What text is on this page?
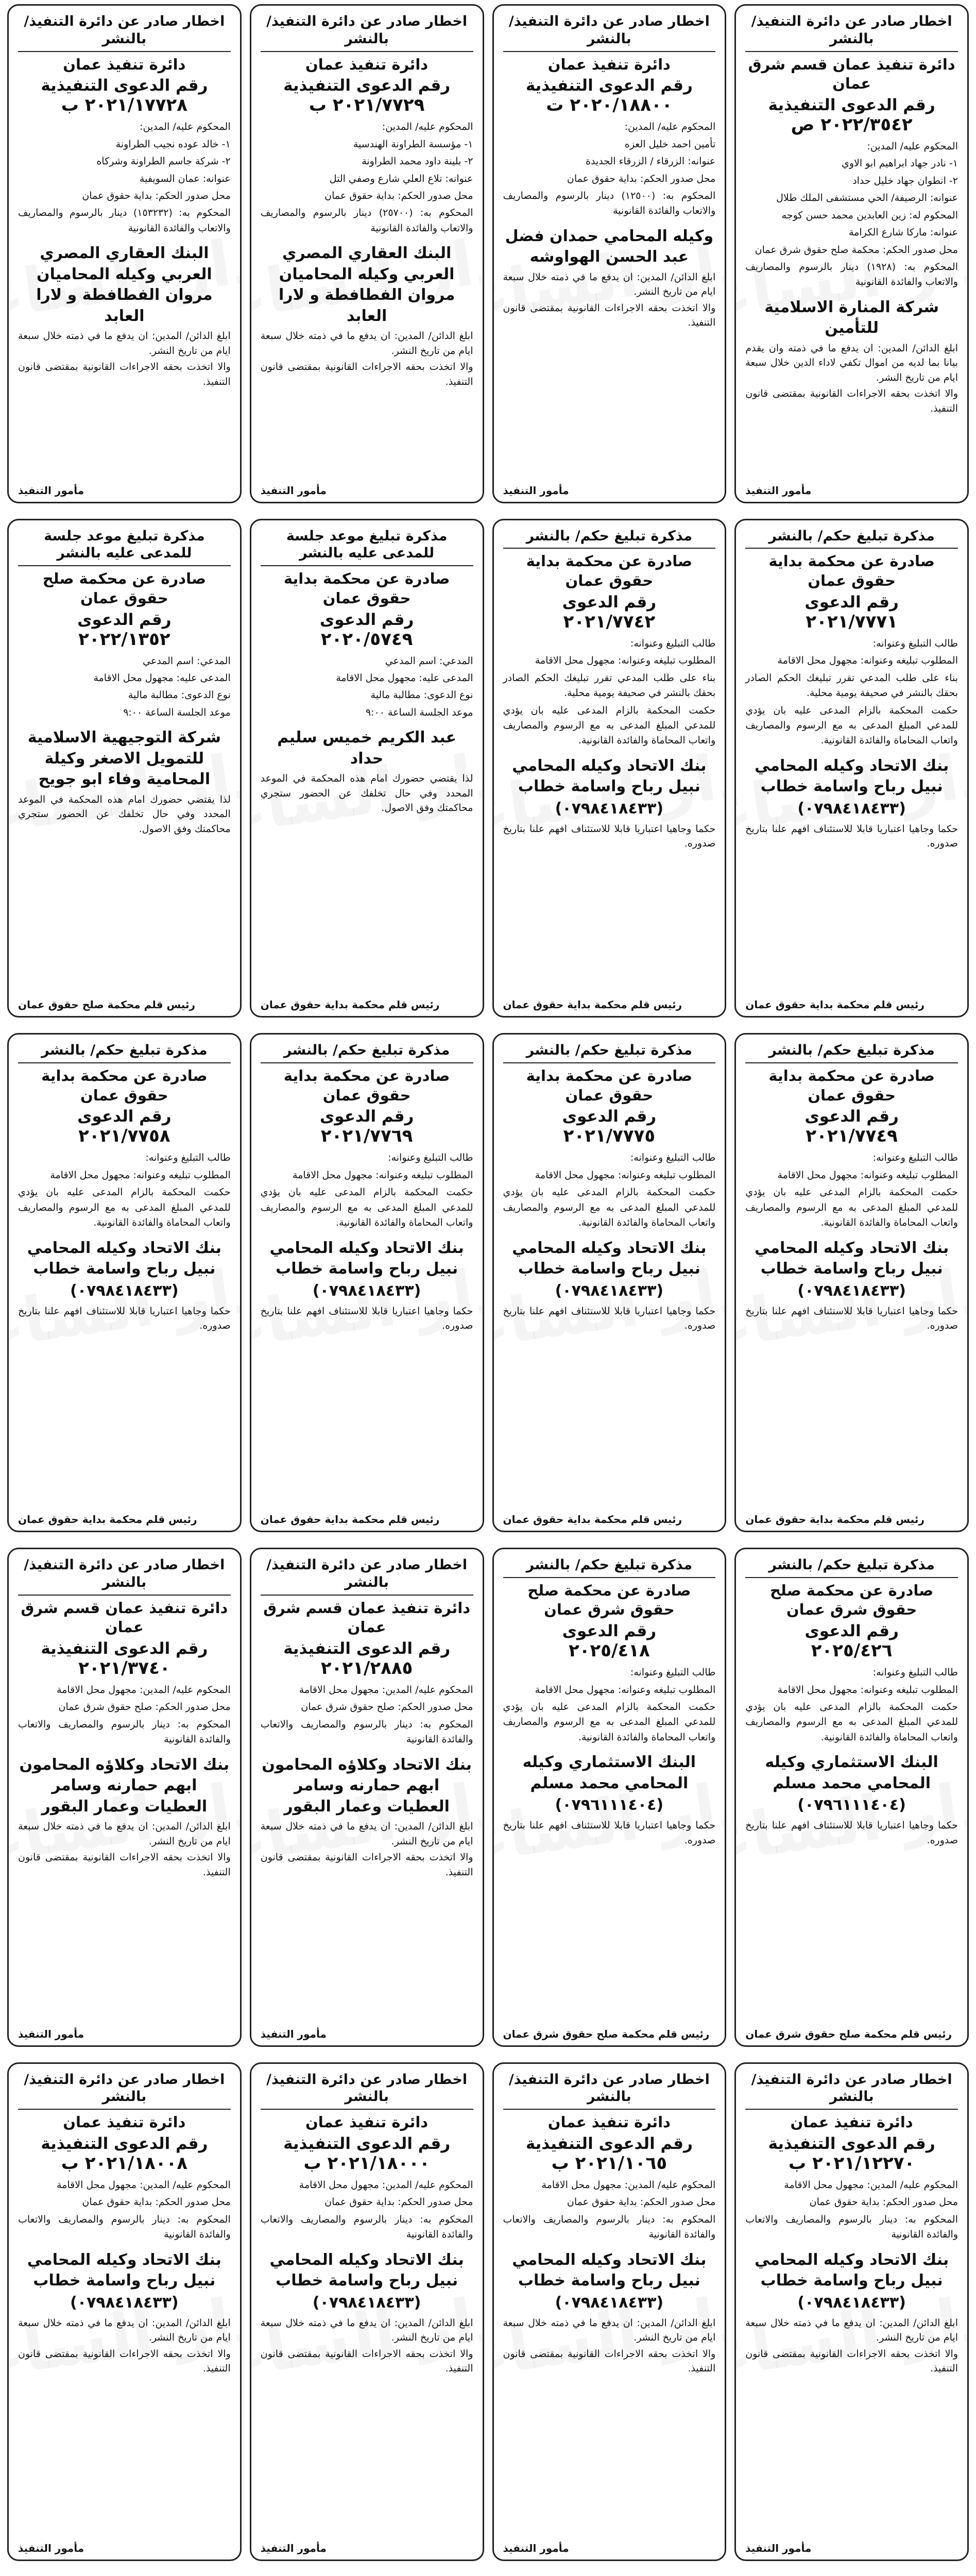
اخطار صادر عن دائرة التنفيذ/ بالنشر
دائرة تنفيذ عمان قسم شرق عمان
رقم الدعوى التنفيذية
٢٠٢٢/٣٥٤٢ ص

المحكوم عليه/ المدين:

١- نادر جهاد ابراهيم ابو الاوي

٢- انطوان جهاد خليل حداد

عنوانه: الرصيفة/ الحي مستشفى الملك طلال

المحكوم له: زين العابدين محمد حسن كوجه

عنوانه: ماركا شارع الكرامة

محل صدور الحكم: محكمة صلح حقوق شرق عمان

المحكوم به: (١٩٢٨) دينار بالرسوم والمصاريف والاتعاب والفائدة القانونية

شركة المنارة الاسلامية للتأمين

ابلغ الدائن/ المدين: ان يدفع ما في ذمته وان يقدم بيانا بما لديه من اموال تكفي لاداء الدين خلال سبعة ايام من تاريخ النشر.

والا اتخذت بحقه الاجراءات القانونية بمقتضى قانون التنفيذ.

مأمور التنفيذ
اخطار صادر عن دائرة التنفيذ/ بالنشر
دائرة تنفيذ عمان
رقم الدعوى التنفيذية
٢٠٢٠/١٨٨٠٠ ت

المحكوم عليه/ المدين:

تأمين احمد خليل العزه

عنوانه: الزرقاء / الزرقاء الجديدة

محل صدور الحكم: بداية حقوق عمان

المحكوم به: (١٢٥٠٠) دينار بالرسوم والمصاريف والاتعاب والفائدة القانونية

وكيله المحامي حمدان فضل عبد الحسن الهواوشه

ابلغ الدائن/ المدين: ان يدفع ما في ذمته خلال سبعة ايام من تاريخ النشر.

والا اتخذت بحقه الاجراءات القانونية بمقتضى قانون التنفيذ.

مأمور التنفيذ
اخطار صادر عن دائرة التنفيذ/ بالنشر
دائرة تنفيذ عمان
رقم الدعوى التنفيذية
٢٠٢١/٧٧٢٩ ب

المحكوم عليه/ المدين:

١- مؤسسة الطراونة الهندسية

٢- بلينة داود محمد الطراونة

عنوانه: تلاع العلي شارع وصفي التل

محل صدور الحكم: بداية حقوق عمان

المحكوم به: (٢٥٧٠٠) دينار بالرسوم والمصاريف والاتعاب والفائدة القانونية

البنك العقاري المصري العربي وكيله المحاميان مروان الفطافطة و لارا العابد

ابلغ الدائن/ المدين: ان يدفع ما في ذمته خلال سبعة ايام من تاريخ النشر.

والا اتخذت بحقه الاجراءات القانونية بمقتضى قانون التنفيذ.

مأمور التنفيذ
اخطار صادر عن دائرة التنفيذ/ بالنشر
دائرة تنفيذ عمان
رقم الدعوى التنفيذية
٢٠٢١/١٧٧٢٨ ب

المحكوم عليه/ المدين:

١- خالد عوده نجيب الطراونة

٢- شركة جاسم الطراونة وشركاه

عنوانه: عمان السويفية

محل صدور الحكم: بداية حقوق عمان

المحكوم به: (١٥٣٢٣٢) دينار بالرسوم والمصاريف والاتعاب والفائدة القانونية

البنك العقاري المصري العربي وكيله المحاميان مروان الفطافطة و لارا العابد

ابلغ الدائن/ المدين: ان يدفع ما في ذمته خلال سبعة ايام من تاريخ النشر.

والا اتخذت بحقه الاجراءات القانونية بمقتضى قانون التنفيذ.

مأمور التنفيذ
مذكرة تبليغ حكم/ بالنشر
صادرة عن محكمة بداية حقوق عمان
رقم الدعوى
٢٠٢١/٧٧٧١

طالب التبليغ وعنوانه:

المطلوب تبليغه وعنوانه: مجهول محل الاقامة

بناء على طلب المدعي تقرر تبليغك الحكم الصادر بحقك بالنشر في صحيفة يومية محلية.

حكمت المحكمة بالزام المدعى عليه بان يؤدي للمدعي المبلغ المدعى به مع الرسوم والمصاريف واتعاب المحاماة والفائدة القانونية.

بنك الاتحاد وكيله المحامي نبيل رباح واسامة خطاب
(٠٧٩٨٤١٨٤٣٣)

حكما وجاهيا اعتباريا قابلا للاستئناف افهم علنا بتاريخ صدوره.

رئيس قلم محكمة بداية حقوق عمان
مذكرة تبليغ حكم/ بالنشر
صادرة عن محكمة بداية حقوق عمان
رقم الدعوى
٢٠٢١/٧٧٤٢

طالب التبليغ وعنوانه:

المطلوب تبليغه وعنوانه: مجهول محل الاقامة

بناء على طلب المدعي تقرر تبليغك الحكم الصادر بحقك بالنشر في صحيفة يومية محلية.

حكمت المحكمة بالزام المدعى عليه بان يؤدي للمدعي المبلغ المدعى به مع الرسوم والمصاريف واتعاب المحاماة والفائدة القانونية.

بنك الاتحاد وكيله المحامي نبيل رباح واسامة خطاب
(٠٧٩٨٤١٨٤٣٣)

حكما وجاهيا اعتباريا قابلا للاستئناف افهم علنا بتاريخ صدوره.

رئيس قلم محكمة بداية حقوق عمان
مذكرة تبليغ موعد جلسة للمدعى عليه بالنشر
صادرة عن محكمة بداية حقوق عمان
رقم الدعوى
٢٠٢٠/٥٧٤٩

المدعي: اسم المدعي

المدعى عليه: مجهول محل الاقامة

نوع الدعوى: مطالبة مالية

موعد الجلسة الساعة ٩:٠٠

عبد الكريم خميس سليم حداد

لذا يقتضي حضورك امام هذه المحكمة في الموعد المحدد وفي حال تخلفك عن الحضور ستجري محاكمتك وفق الاصول.

رئيس قلم محكمة بداية حقوق عمان
مذكرة تبليغ موعد جلسة للمدعى عليه بالنشر
صادرة عن محكمة صلح حقوق عمان
رقم الدعوى
٢٠٢٢/١٣٥٢

المدعي: اسم المدعي

المدعى عليه: مجهول محل الاقامة

نوع الدعوى: مطالبة مالية

موعد الجلسة الساعة ٩:٠٠

شركة التوجيهية الاسلامية للتمويل الاصغر وكيلة المحامية وفاء ابو جويح

لذا يقتضي حضورك امام هذه المحكمة في الموعد المحدد وفي حال تخلفك عن الحضور ستجري محاكمتك وفق الاصول.

رئيس قلم محكمة صلح حقوق عمان
مذكرة تبليغ حكم/ بالنشر
صادرة عن محكمة بداية حقوق عمان
رقم الدعوى
٢٠٢١/٧٧٤٩

طالب التبليغ وعنوانه:

المطلوب تبليغه وعنوانه: مجهول محل الاقامة

حكمت المحكمة بالزام المدعى عليه بان يؤدي للمدعي المبلغ المدعى به مع الرسوم والمصاريف واتعاب المحاماة والفائدة القانونية.

بنك الاتحاد وكيله المحامي نبيل رباح واسامة خطاب
(٠٧٩٨٤١٨٤٣٣)

حكما وجاهيا اعتباريا قابلا للاستئناف افهم علنا بتاريخ صدوره.

رئيس قلم محكمة بداية حقوق عمان
مذكرة تبليغ حكم/ بالنشر
صادرة عن محكمة بداية حقوق عمان
رقم الدعوى
٢٠٢١/٧٧٧٥

طالب التبليغ وعنوانه:

المطلوب تبليغه وعنوانه: مجهول محل الاقامة

حكمت المحكمة بالزام المدعى عليه بان يؤدي للمدعي المبلغ المدعى به مع الرسوم والمصاريف واتعاب المحاماة والفائدة القانونية.

بنك الاتحاد وكيله المحامي نبيل رباح واسامة خطاب
(٠٧٩٨٤١٨٤٣٣)

حكما وجاهيا اعتباريا قابلا للاستئناف افهم علنا بتاريخ صدوره.

رئيس قلم محكمة بداية حقوق عمان
مذكرة تبليغ حكم/ بالنشر
صادرة عن محكمة بداية حقوق عمان
رقم الدعوى
٢٠٢١/٧٧٦٩

طالب التبليغ وعنوانه:

المطلوب تبليغه وعنوانه: مجهول محل الاقامة

حكمت المحكمة بالزام المدعى عليه بان يؤدي للمدعي المبلغ المدعى به مع الرسوم والمصاريف واتعاب المحاماة والفائدة القانونية.

بنك الاتحاد وكيله المحامي نبيل رباح واسامة خطاب
(٠٧٩٨٤١٨٤٣٣)

حكما وجاهيا اعتباريا قابلا للاستئناف افهم علنا بتاريخ صدوره.

رئيس قلم محكمة بداية حقوق عمان
مذكرة تبليغ حكم/ بالنشر
صادرة عن محكمة بداية حقوق عمان
رقم الدعوى
٢٠٢١/٧٧٥٨

طالب التبليغ وعنوانه:

المطلوب تبليغه وعنوانه: مجهول محل الاقامة

حكمت المحكمة بالزام المدعى عليه بان يؤدي للمدعي المبلغ المدعى به مع الرسوم والمصاريف واتعاب المحاماة والفائدة القانونية.

بنك الاتحاد وكيله المحامي نبيل رباح واسامة خطاب
(٠٧٩٨٤١٨٤٣٣)

حكما وجاهيا اعتباريا قابلا للاستئناف افهم علنا بتاريخ صدوره.

رئيس قلم محكمة بداية حقوق عمان
مذكرة تبليغ حكم/ بالنشر
صادرة عن محكمة صلح حقوق شرق عمان
رقم الدعوى
٢٠٢٥/٤٢٦

طالب التبليغ وعنوانه:

المطلوب تبليغه وعنوانه: مجهول محل الاقامة

حكمت المحكمة بالزام المدعى عليه بان يؤدي للمدعي المبلغ المدعى به مع الرسوم والمصاريف واتعاب المحاماة والفائدة القانونية.

البنك الاستثماري وكيله المحامي محمد مسلم
(٠٧٩٦١١١٤٠٤)

حكما وجاهيا اعتباريا قابلا للاستئناف افهم علنا بتاريخ صدوره.

رئيس قلم محكمة صلح حقوق شرق عمان
مذكرة تبليغ حكم/ بالنشر
صادرة عن محكمة صلح حقوق شرق عمان
رقم الدعوى
٢٠٢٥/٤١٨

طالب التبليغ وعنوانه:

المطلوب تبليغه وعنوانه: مجهول محل الاقامة

حكمت المحكمة بالزام المدعى عليه بان يؤدي للمدعي المبلغ المدعى به مع الرسوم والمصاريف واتعاب المحاماة والفائدة القانونية.

البنك الاستثماري وكيله المحامي محمد مسلم
(٠٧٩٦١١١٤٠٤)

حكما وجاهيا اعتباريا قابلا للاستئناف افهم علنا بتاريخ صدوره.

رئيس قلم محكمة صلح حقوق شرق عمان
اخطار صادر عن دائرة التنفيذ/ بالنشر
دائرة تنفيذ عمان قسم شرق عمان
رقم الدعوى التنفيذية
٢٠٢١/٢٨٨٥

المحكوم عليه/ المدين: مجهول محل الاقامة

محل صدور الحكم: صلح حقوق شرق عمان

المحكوم به: دينار بالرسوم والمصاريف والاتعاب والفائدة القانونية

بنك الاتحاد وكلاؤه المحامون ابهم حمارنه وسامر العطيات وعمار البقور

ابلغ الدائن/ المدين: ان يدفع ما في ذمته خلال سبعة ايام من تاريخ النشر.

والا اتخذت بحقه الاجراءات القانونية بمقتضى قانون التنفيذ.

مأمور التنفيذ
اخطار صادر عن دائرة التنفيذ/ بالنشر
دائرة تنفيذ عمان قسم شرق عمان
رقم الدعوى التنفيذية
٢٠٢١/٣٧٤٠

المحكوم عليه/ المدين: مجهول محل الاقامة

محل صدور الحكم: صلح حقوق شرق عمان

المحكوم به: دينار بالرسوم والمصاريف والاتعاب والفائدة القانونية

بنك الاتحاد وكلاؤه المحامون ابهم حمارنه وسامر العطيات وعمار البقور

ابلغ الدائن/ المدين: ان يدفع ما في ذمته خلال سبعة ايام من تاريخ النشر.

والا اتخذت بحقه الاجراءات القانونية بمقتضى قانون التنفيذ.

مأمور التنفيذ
اخطار صادر عن دائرة التنفيذ/ بالنشر
دائرة تنفيذ عمان
رقم الدعوى التنفيذية
٢٠٢١/١٢٢٧٠ ب

المحكوم عليه/ المدين: مجهول محل الاقامة

محل صدور الحكم: بداية حقوق عمان

المحكوم به: دينار بالرسوم والمصاريف والاتعاب والفائدة القانونية

بنك الاتحاد وكيله المحامي نبيل رباح واسامة خطاب
(٠٧٩٨٤١٨٤٣٣)

ابلغ الدائن/ المدين: ان يدفع ما في ذمته خلال سبعة ايام من تاريخ النشر.

والا اتخذت بحقه الاجراءات القانونية بمقتضى قانون التنفيذ.

مأمور التنفيذ
اخطار صادر عن دائرة التنفيذ/ بالنشر
دائرة تنفيذ عمان
رقم الدعوى التنفيذية
٢٠٢١/١٠٦٥ ب

المحكوم عليه/ المدين: مجهول محل الاقامة

محل صدور الحكم: بداية حقوق عمان

المحكوم به: دينار بالرسوم والمصاريف والاتعاب والفائدة القانونية

بنك الاتحاد وكيله المحامي نبيل رباح واسامة خطاب
(٠٧٩٨٤١٨٤٣٣)

ابلغ الدائن/ المدين: ان يدفع ما في ذمته خلال سبعة ايام من تاريخ النشر.

والا اتخذت بحقه الاجراءات القانونية بمقتضى قانون التنفيذ.

مأمور التنفيذ
اخطار صادر عن دائرة التنفيذ/ بالنشر
دائرة تنفيذ عمان
رقم الدعوى التنفيذية
٢٠٢١/١٨٠٠٠ ب

المحكوم عليه/ المدين: مجهول محل الاقامة

محل صدور الحكم: بداية حقوق عمان

المحكوم به: دينار بالرسوم والمصاريف والاتعاب والفائدة القانونية

بنك الاتحاد وكيله المحامي نبيل رباح واسامة خطاب
(٠٧٩٨٤١٨٤٣٣)

ابلغ الدائن/ المدين: ان يدفع ما في ذمته خلال سبعة ايام من تاريخ النشر.

والا اتخذت بحقه الاجراءات القانونية بمقتضى قانون التنفيذ.

مأمور التنفيذ
اخطار صادر عن دائرة التنفيذ/ بالنشر
دائرة تنفيذ عمان
رقم الدعوى التنفيذية
٢٠٢١/١٨٠٠٨ ب

المحكوم عليه/ المدين: مجهول محل الاقامة

محل صدور الحكم: بداية حقوق عمان

المحكوم به: دينار بالرسوم والمصاريف والاتعاب والفائدة القانونية

بنك الاتحاد وكيله المحامي نبيل رباح واسامة خطاب
(٠٧٩٨٤١٨٤٣٣)

ابلغ الدائن/ المدين: ان يدفع ما في ذمته خلال سبعة ايام من تاريخ النشر.

والا اتخذت بحقه الاجراءات القانونية بمقتضى قانون التنفيذ.

مأمور التنفيذ
